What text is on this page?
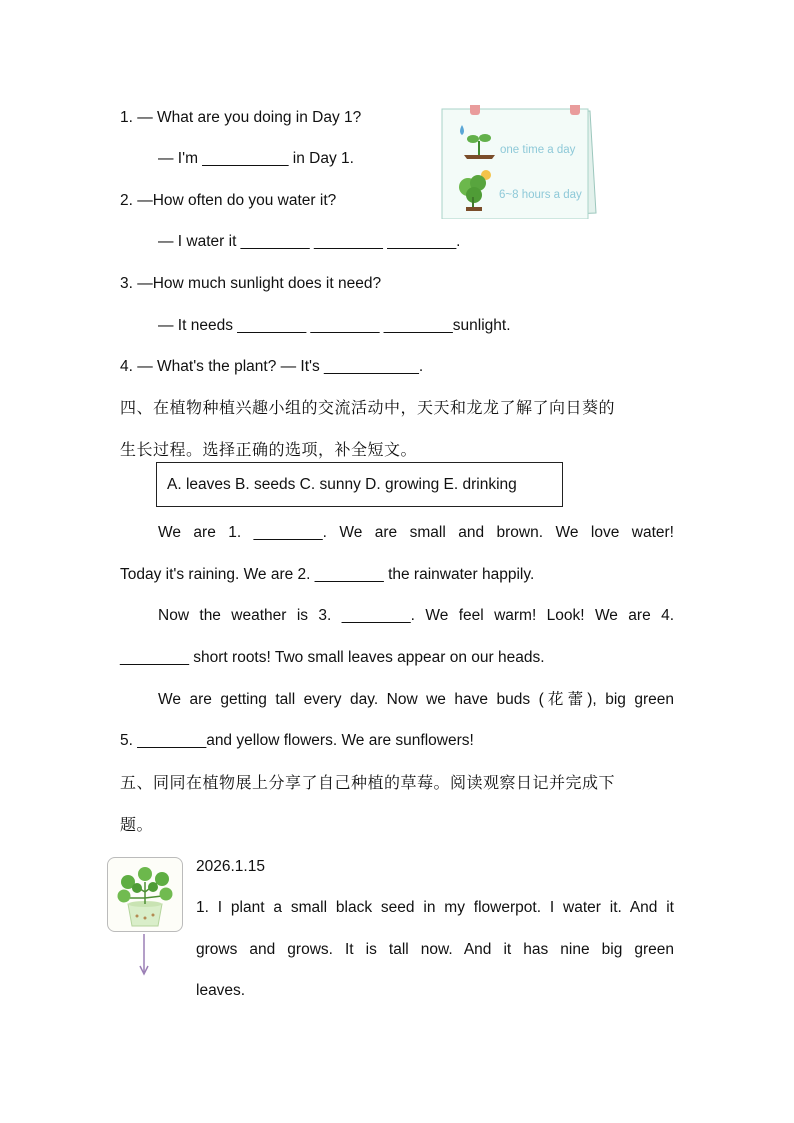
1. — What are you doing in Day 1?
— I'm __________ in Day 1.
2. —How often do you water it?
— I water it ________ ________ ________.
3. —How much sunlight does it need?
— It needs ________ ________ ________sunlight.
4. — What's the plant? — It's ___________.
one time a day
6~8 hours a day
四、在植物种植兴趣小组的交流活动中，天天和龙龙了解了向日葵的
生长过程。选择正确的选项，补全短文。
A. leaves B. seeds C. sunny D. growing E. drinking
We are 1. ________. We are small and brown. We love water!
Today it's raining. We are 2. ________ the rainwater happily.
Now the weather is 3. ________. We feel warm! Look! We are 4.
________ short roots! Two small leaves appear on our heads.
We are getting tall every day. Now we have buds (花蕾), big green
5. ________and yellow flowers. We are sunflowers!
五、同同在植物展上分享了自己种植的草莓。阅读观察日记并完成下
题。
2026.1.15
1. I plant a small black seed in my flowerpot. I water it. And it
grows and grows. It is tall now. And it has nine big green
leaves.
